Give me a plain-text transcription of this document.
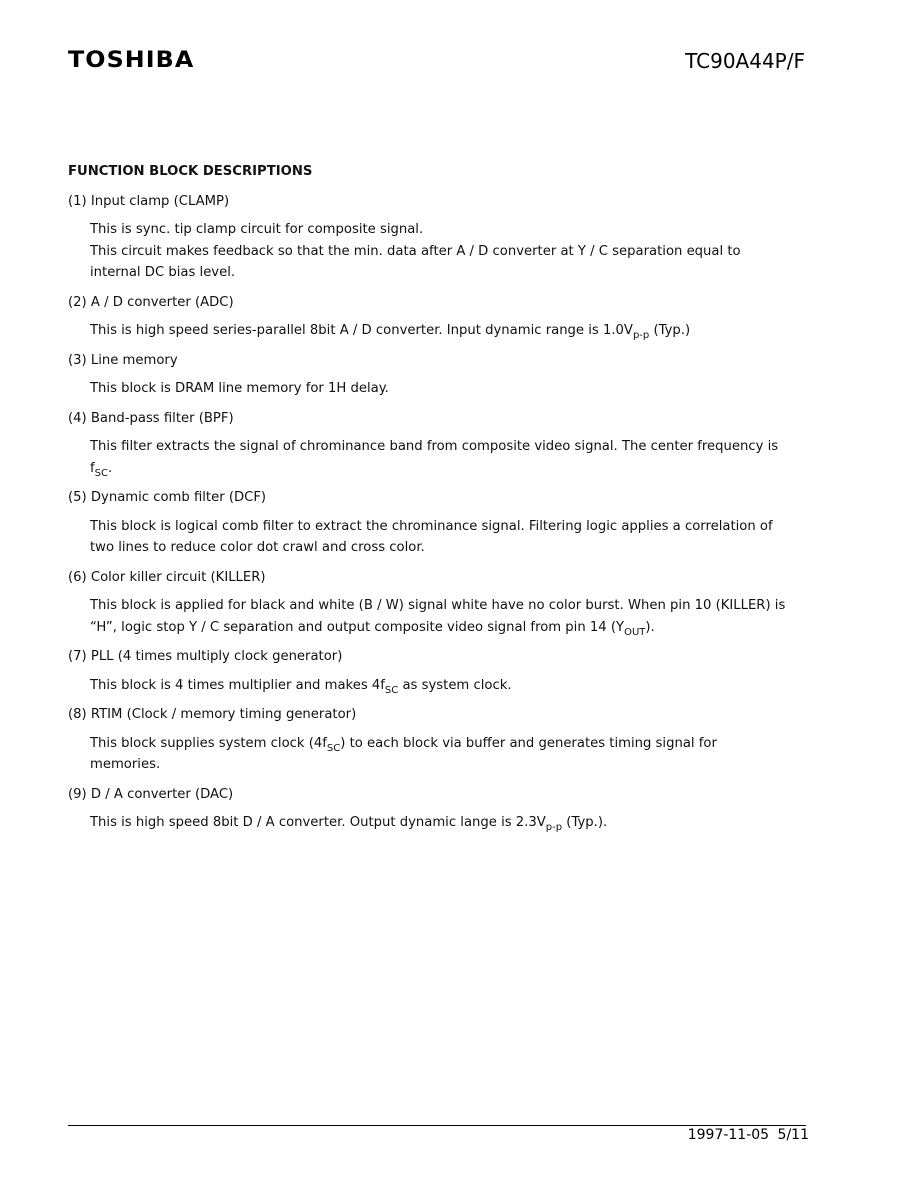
TOSHIBA	TC90A44P/F

FUNCTION BLOCK DESCRIPTIONS

(1) Input clamp (CLAMP)

This is sync. tip clamp circuit for composite signal.

This circuit makes feedback so that the min. data after A / D converter at Y / C separation equal to internal DC bias level.

(2) A / D converter (ADC)

This is high speed series-parallel 8bit A / D converter. Input dynamic range is $1.0V_{p-p}$ (Typ.)

(3) Line memory

This block is DRAM line memory for 1H delay.

(4) Band-pass filter (BPF)

This filter extracts the signal of chrominance band from composite video signal. The center frequency is $f_{SC}$.

(5) Dynamic comb filter (DCF)

This block is logical comb filter to extract the chrominance signal. Filtering logic applies a correlation of two lines to reduce color dot crawl and cross color.

(6) Color killer circuit (KILLER)

This block is applied for black and white (B / W) signal white have no color burst. When pin 10 (KILLER) is “H”, logic stop Y / C separation and output composite video signal from pin 14 $(Y_{OUT})$.

(7) PLL (4 times multiply clock generator)

This block is 4 times multiplier and makes $4f_{SC}$ as system clock.

(8) RTIM (Clock / memory timing generator)

This block supplies system clock $(4f_{SC})$ to each block via buffer and generates timing signal for memories.

(9) D / A converter (DAC)

This is high speed 8bit D / A converter. Output dynamic lange is $2.3V_{p-p}$ (Typ.).

1997-11-05 5/11
